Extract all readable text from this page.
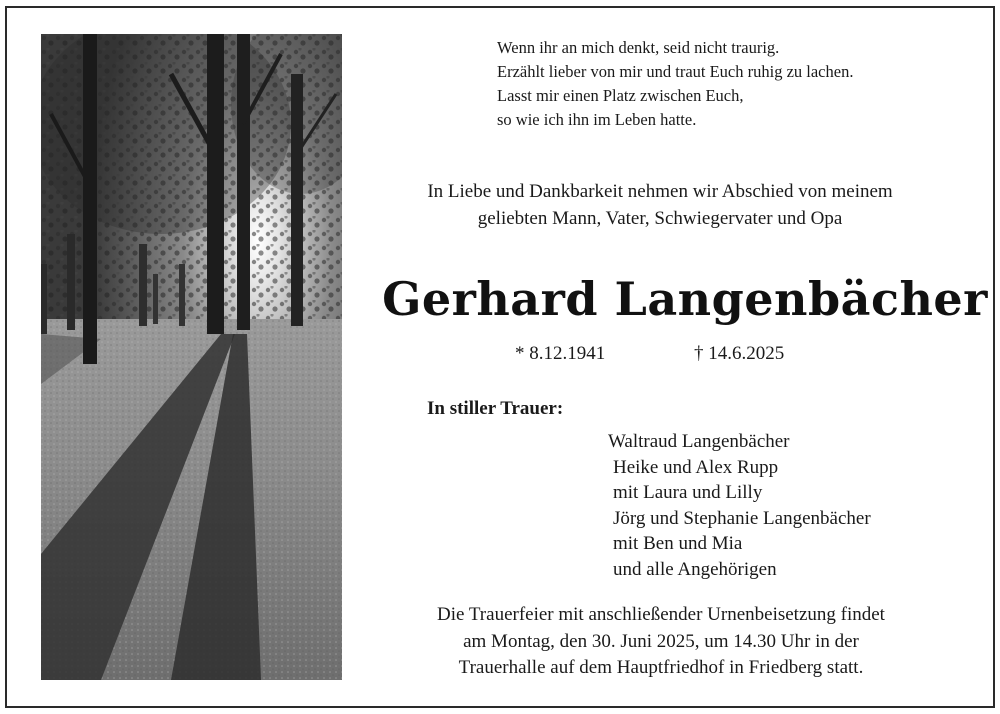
Wenn ihr an mich denkt, seid nicht traurig.
Erzählt lieber von mir und traut Euch ruhig zu lachen.
Lasst mir einen Platz zwischen Euch,
so wie ich ihn im Leben hatte.
In Liebe und Dankbarkeit nehmen wir Abschied von meinem
geliebten Mann, Vater, Schwiegervater und Opa
Gerhard Langenbächer
* 8.12.1941	† 14.6.2025
In stiller Trauer:
Waltraud Langenbächer
Heike und Alex Rupp
mit Laura und Lilly
Jörg und Stephanie Langenbächer
mit Ben und Mia
und alle Angehörigen
Die Trauerfeier mit anschließender Urnenbeisetzung findet
am Montag, den 30. Juni 2025, um 14.30 Uhr in der
Trauerhalle auf dem Hauptfriedhof in Friedberg statt.
